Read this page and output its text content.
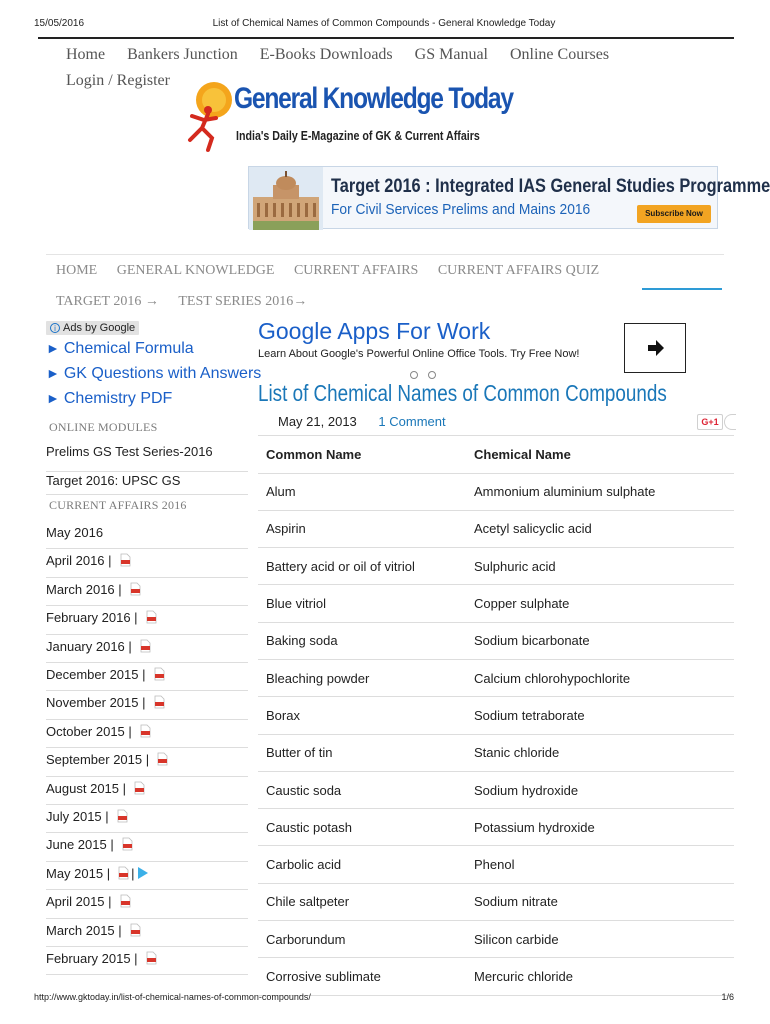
15/05/2016	List of Chemical Names of Common Compounds - General Knowledge Today
Home Bankers Junction E-Books Downloads GS Manual Online Courses Login / Register
General Knowledge Today
India's Daily E-Magazine of GK & Current Affairs
Target 2016 : Integrated IAS General Studies Programme
For Civil Services Prelims and Mains 2016	Subscribe Now
HOME GENERAL KNOWLEDGE CURRENT AFFAIRS CURRENT AFFAIRS QUIZ
TARGET 2016 → TEST SERIES 2016→
i Ads by Google
► Chemical Formula
► GK Questions with Answers
► Chemistry PDF
ONLINE MODULES
Prelims GS Test Series-2016
Target 2016: UPSC GS
CURRENT AFFAIRS 2016
May 2016
April 2016 |
March 2016 |
February 2016 |
January 2016 |
December 2015 |
November 2015 |
October 2015 |
September 2015 |
August 2015 |
July 2015 |
June 2015 |
May 2015 | |
April 2015 |
March 2015 |
February 2015 |
Google Apps For Work
Learn About Google's Powerful Online Office Tools. Try Free Now!
List of Chemical Names of Common Compounds
May 21, 2013 1 Comment	G+1
Common Name	Chemical Name
Alum	Ammonium aluminium sulphate
Aspirin	Acetyl salicyclic acid
Battery acid or oil of vitriol	Sulphuric acid
Blue vitriol	Copper sulphate
Baking soda	Sodium bicarbonate
Bleaching powder	Calcium chlorohypochlorite
Borax	Sodium tetraborate
Butter of tin	Stanic chloride
Caustic soda	Sodium hydroxide
Caustic potash	Potassium hydroxide
Carbolic acid	Phenol
Chile saltpeter	Sodium nitrate
Carborundum	Silicon carbide
Corrosive sublimate	Mercuric chloride
http://www.gktoday.in/list-of-chemical-names-of-common-compounds/	1/6
